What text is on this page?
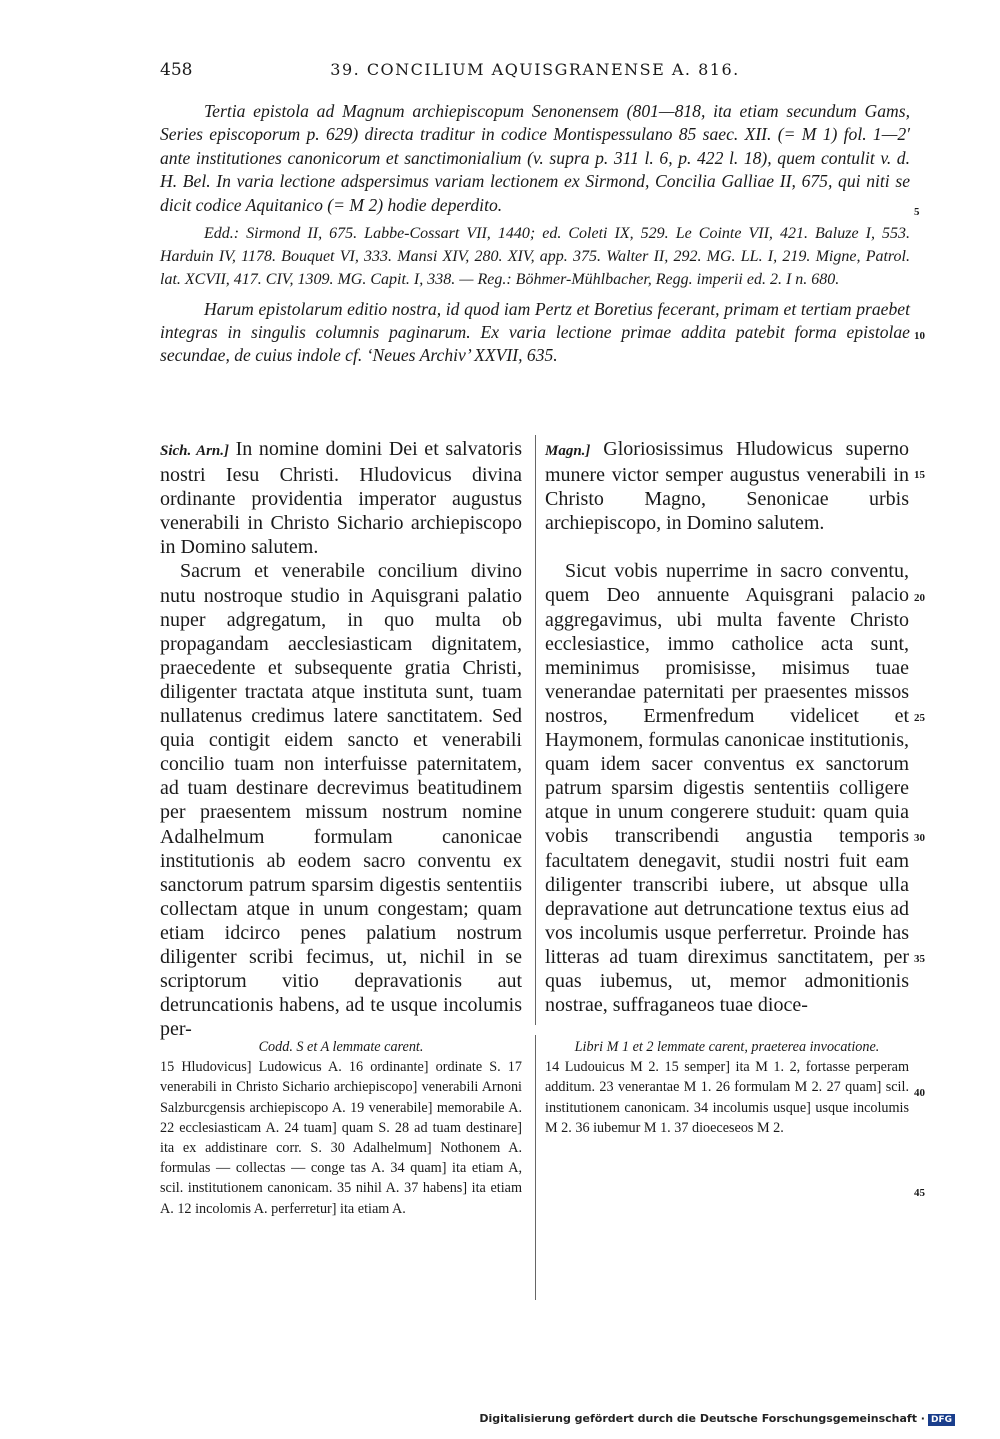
458	39. CONCILIUM AQUISGRANENSE A. 816.

Tertia epistola ad Magnum archiepiscopum Senonensem (801—818, ita etiam secundum Gams, Series episcoporum p. 629) directa traditur in codice Montispessulano 85 saec. XII. (= M 1) fol. 1—2′ ante institutiones canonicorum et sanctimonialium (v. supra p. 311 l. 6, p. 422 l. 18), quem contulit v. d. H. Bel. In varia lectione adspersimus variam lectionem ex Sirmond, Concilia Galliae II, 675, qui niti se dicit codice Aquitanico (= M 2) hodie deperdito.

Edd.: Sirmond II, 675. Labbe-Cossart VII, 1440; ed. Coleti IX, 529. Le Cointe VII, 421. Baluze I, 553. Harduin IV, 1178. Bouquet VI, 333. Mansi XIV, 280. XIV, app. 375. Walter II, 292. MG. LL. I, 219. Migne, Patrol. lat. XCVII, 417. CIV, 1309. MG. Capit. I, 338. — Reg.: Böhmer-Mühlbacher, Regg. imperii ed. 2. I n. 680.

Harum epistolarum editio nostra, id quod iam Pertz et Boretius fecerant, primam et tertiam praebet integras in singulis columnis paginarum. Ex varia lectione primae addita patebit forma epistolae secundae, de cuius indole cf. ‘Neues Archiv’ XXVII, 635.

5
10
15
20
25
30
35
40
45

Sich. Arn.] In nomine domini Dei et salvatoris nostri Iesu Christi. Hludovicus divina ordinante providentia imperator augustus venerabili in Christo Sichario archiepiscopo in Domino salutem.

Sacrum et venerabile concilium divino nutu nostroque studio in Aquisgrani palatio nuper adgregatum, in quo multa ob propagandam aecclesiasticam dignitatem, praecedente et subsequente gratia Christi, diligenter tractata atque instituta sunt, tuam nullatenus credimus latere sanctitatem. Sed quia contigit eidem sancto et venerabili concilio tuam non interfuisse paternitatem, ad tuam destinare decrevimus beatitudinem per praesentem missum nostrum nomine Adalhelmum formulam canonicae institutionis ab eodem sacro conventu ex sanctorum patrum sparsim digestis sententiis collectam atque in unum congestam; quam etiam idcirco penes palatium nostrum diligenter scribi fecimus, ut, nichil in se scriptorum vitio depravationis aut detruncationis habens, ad te usque incolumis per-

Magn.] Gloriosissimus Hludowicus superno munere victor semper augustus venerabili in Christo Magno, Senonicae urbis archiepiscopo, in Domino salutem.

Sicut vobis nuperrime in sacro conventu, quem Deo annuente Aquisgrani palacio aggregavimus, ubi multa favente Christo ecclesiastice, immo catholice acta sunt, meminimus promisisse, misimus tuae venerandae paternitati per praesentes missos nostros, Ermenfredum videlicet et Haymonem, formulas canonicae institutionis, quam idem sacer conventus ex sanctorum patrum sparsim digestis sententiis colligere atque in unum congerere studuit: quam quia vobis transcribendi angustia temporis facultatem denegavit, studii nostri fuit eam diligenter transcribi iubere, ut absque ulla depravatione aut detruncatione textus eius ad vos incolumis usque perferretur. Proinde has litteras ad tuam direximus sanctitatem, per quas iubemus, ut, memor admonitionis nostrae, suffraganeos tuae dioce-

Codd. S et A lemmate carent.

15 Hludovicus] Ludowicus A. 16 ordinante] ordinate S. 17 venerabili in Christo Sichario archiepiscopo] venerabili Arnoni Salzburcgensis archiepiscopo A. 19 venerabile] memorabile A. 22 ecclesiasticam A. 24 tuam] quam S. 28 ad tuam destinare] ita ex addistinare corr. S. 30 Adalhelmum] Nothonem A. formulas — collectas — conge tas A. 34 quam] ita etiam A, scil. institutionem canonicam. 35 nihil A. 37 habens] ita etiam A. 12 incolomis A. perferretur] ita etiam A.

Libri M 1 et 2 lemmate carent, praeterea invocatione.

14 Ludouicus M 2. 15 semper] ita M 1. 2, fortasse perperam additum. 23 venerantae M 1. 26 formulam M 2. 27 quam] scil. institutionem canonicam. 34 incolumis usque] usque incolumis M 2. 36 iubemur M 1. 37 dioeceseos M 2.

Digitalisierung gefördert durch die Deutsche Forschungsgemeinschaft · DFG
